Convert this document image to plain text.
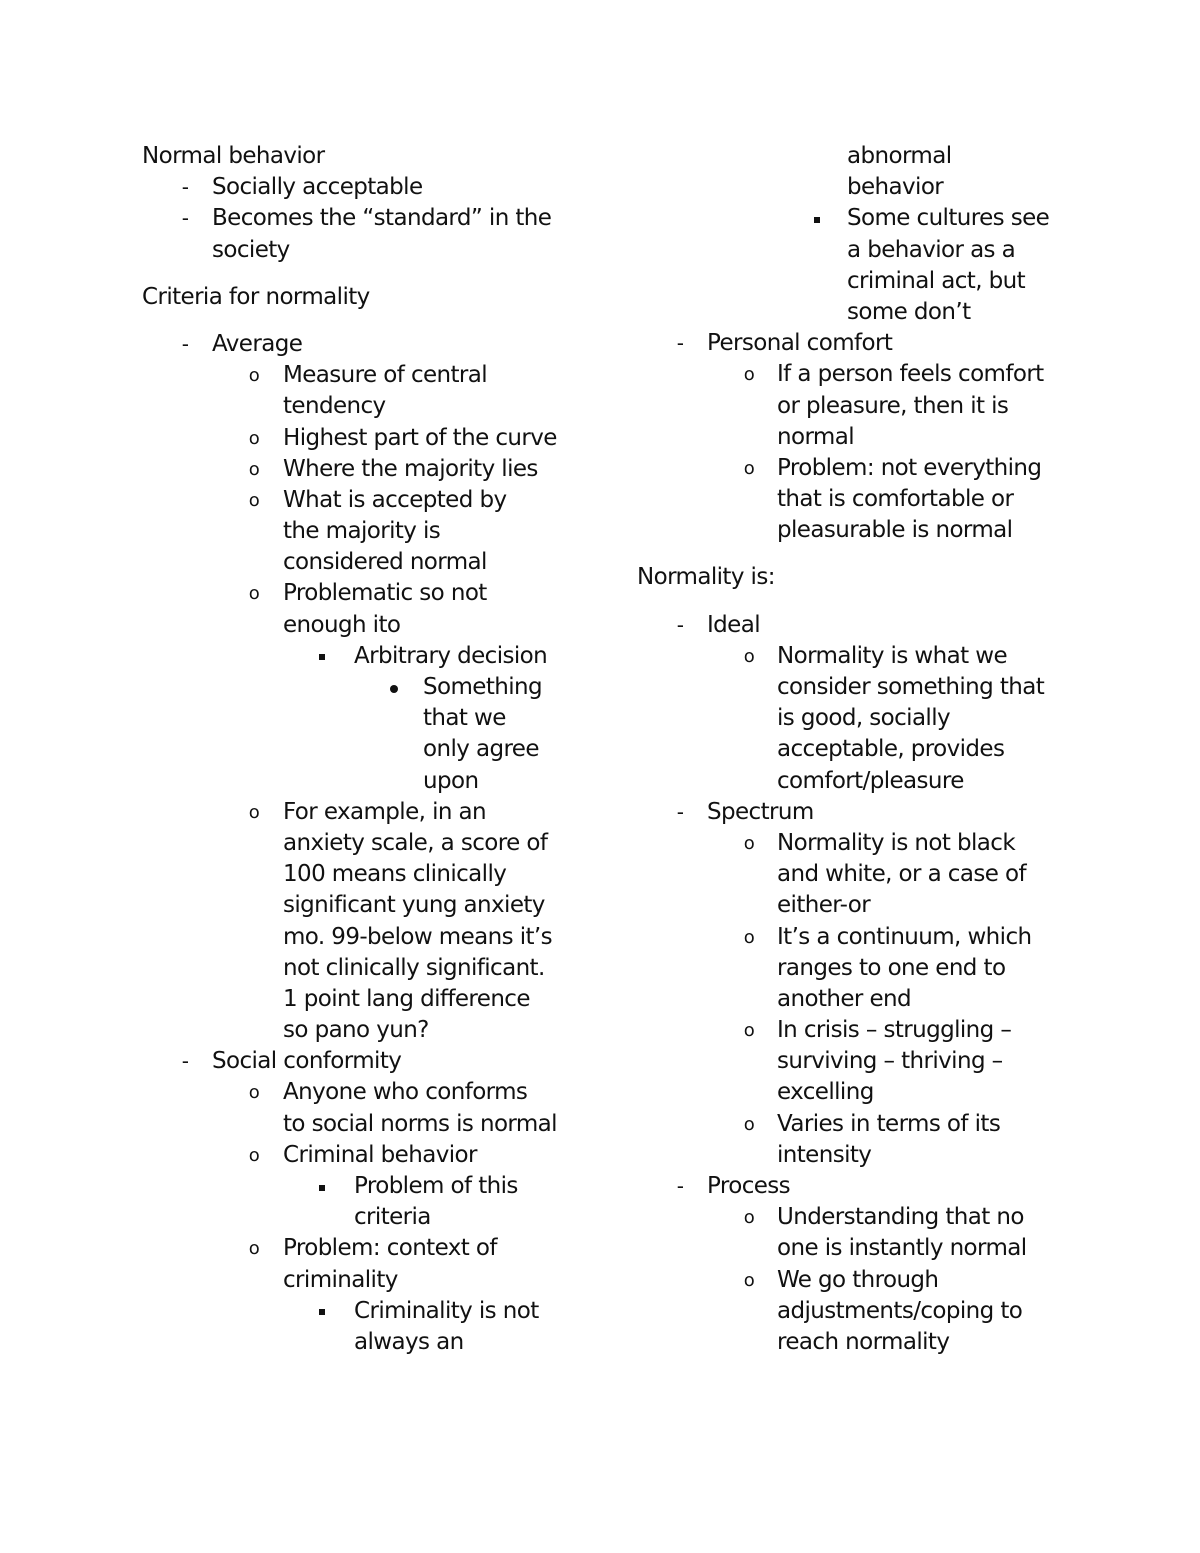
Normal behavior
- Socially acceptable
- Becomes the “standard” in the
society
Criteria for normality
- Average
o Measure of central
tendency
o Highest part of the curve
o Where the majority lies
o What is accepted by
the majority is
considered normal
o Problematic so not
enough ito
Arbitrary decision
Something
that we
only agree
upon
o For example, in an
anxiety scale, a score of
100 means clinically
significant yung anxiety
mo. 99-below means it’s
not clinically significant.
1 point lang difference
so pano yun?
- Social conformity
o Anyone who conforms
to social norms is normal
o Criminal behavior
Problem of this
criteria
o Problem: context of
criminality
Criminality is not
always an
abnormal
behavior
Some cultures see
a behavior as a
criminal act, but
some don’t
- Personal comfort
o If a person feels comfort
or pleasure, then it is
normal
o Problem: not everything
that is comfortable or
pleasurable is normal
Normality is:
- Ideal
o Normality is what we
consider something that
is good, socially
acceptable, provides
comfort/pleasure
- Spectrum
o Normality is not black
and white, or a case of
either-or
o It’s a continuum, which
ranges to one end to
another end
o In crisis – struggling –
surviving – thriving –
excelling
o Varies in terms of its
intensity
- Process
o Understanding that no
one is instantly normal
o We go through
adjustments/coping to
reach normality
